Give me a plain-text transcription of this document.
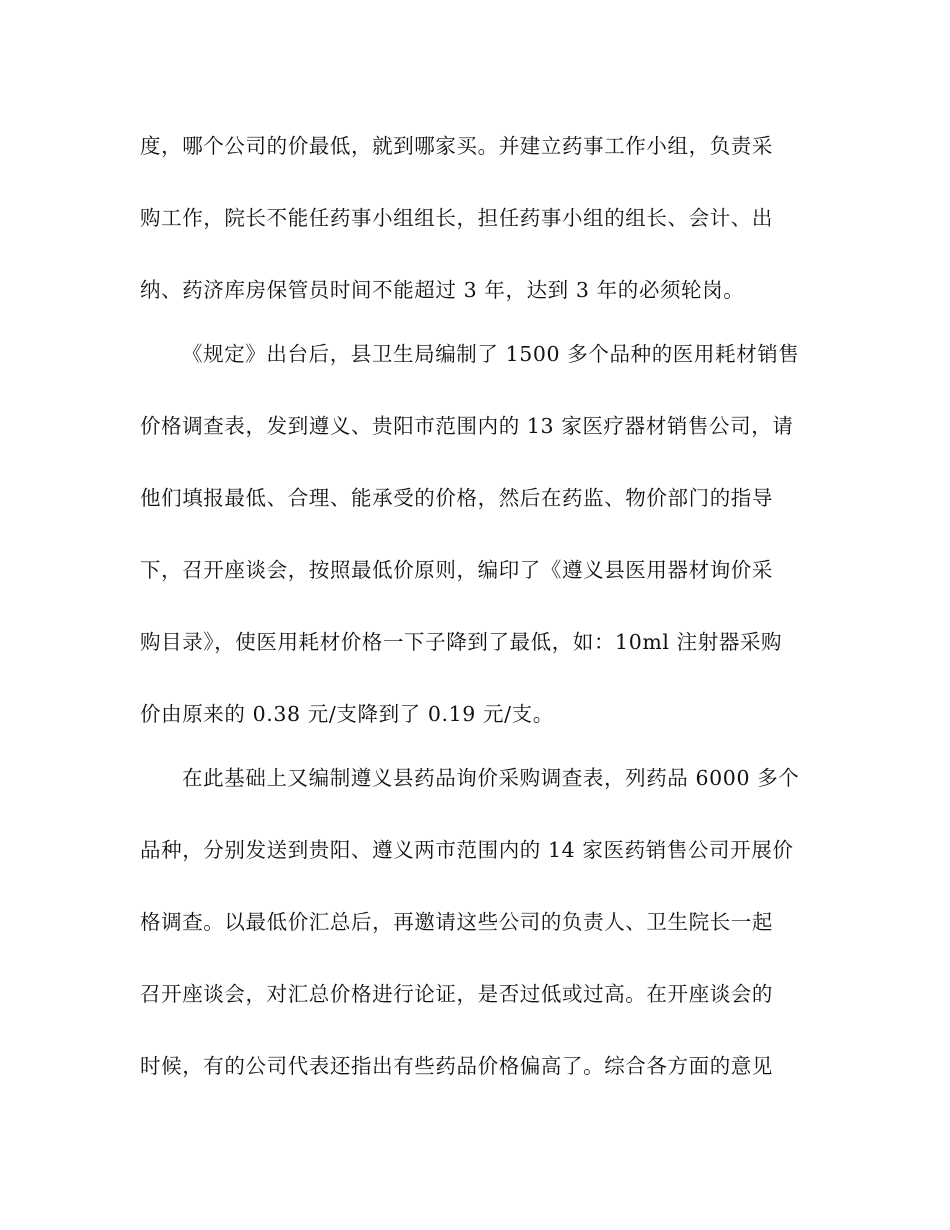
度，哪个公司的价最低，就到哪家买。并建立药事工作小组，负责采
购工作，院长不能任药事小组组长，担任药事小组的组长、会计、出
纳、药济库房保管员时间不能超过 3 年，达到 3 年的必须轮岗。
《规定》出台后，县卫生局编制了 1500 多个品种的医用耗材销售
价格调查表，发到遵义、贵阳市范围内的 13 家医疗器材销售公司，请
他们填报最低、合理、能承受的价格，然后在药监、物价部门的指导
下，召开座谈会，按照最低价原则，编印了《遵义县医用器材询价采
购目录》，使医用耗材价格一下子降到了最低，如：10ml 注射器采购
价由原来的 0.38 元/支降到了 0.19 元/支。
在此基础上又编制遵义县药品询价采购调查表，列药品 6000 多个
品种，分别发送到贵阳、遵义两市范围内的 14 家医药销售公司开展价
格调查。以最低价汇总后，再邀请这些公司的负责人、卫生院长一起
召开座谈会，对汇总价格进行论证，是否过低或过高。在开座谈会的
时候，有的公司代表还指出有些药品价格偏高了。综合各方面的意见
